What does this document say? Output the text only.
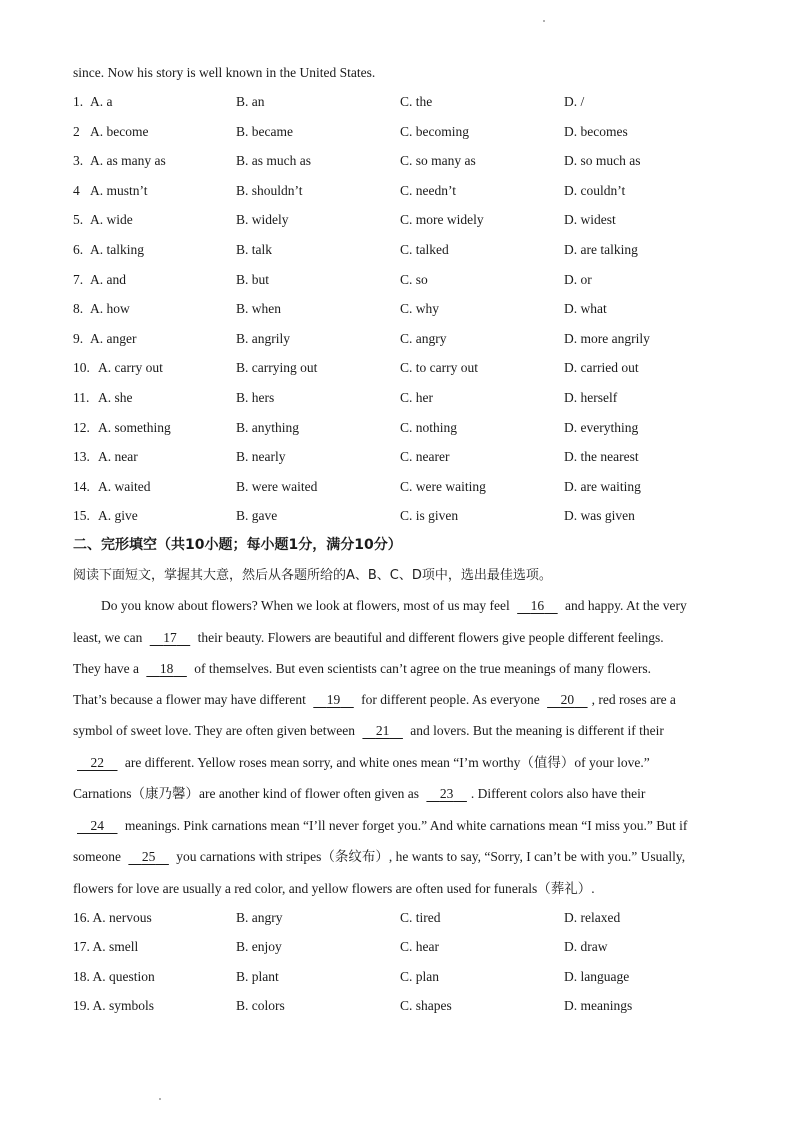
since. Now his story is well known in the United States.
1. A. a	B. an	C. the	D. /
2 A. become	B. became	C. becoming	D. becomes
3. A. as many as	B. as much as	C. so many as	D. so much as
4 A. mustn’t	B. shouldn’t	C. needn’t	D. couldn’t
5. A. wide	B. widely	C. more widely	D. widest
6. A. talking	B. talk	C. talked	D. are talking
7. A. and	B. but	C. so	D. or
8. A. how	B. when	C. why	D. what
9. A. anger	B. angrily	C. angry	D. more angrily
10. A. carry out	B. carrying out	C. to carry out	D. carried out
11. A. she	B. hers	C. her	D. herself
12. A. something	B. anything	C. nothing	D. everything
13. A. near	B. nearly	C. nearer	D. the nearest
14. A. waited	B. were waited	C. were waiting	D. are waiting
15. A. give	B. gave	C. is given	D. was given
二、完形填空（共10小题；每小题1分，满分10分）
阅读下面短文，掌握其大意，然后从各题所给的A、B、C、D项中，选出最佳选项。
Do you know about flowers? When we look at flowers, most of us may feel     16     and happy. At the very
least, we can     17     their beauty. Flowers are beautiful and different flowers give people different feelings.
They have a     18     of themselves. But even scientists can’t agree on the true meanings of many flowers.
That’s because a flower may have different     19     for different people. As everyone     20 , red roses are a
symbol of sweet love. They are often given between     21     and lovers. But the meaning is different if their
22     are different. Yellow roses mean sorry, and white ones mean “I’m worthy（值得）of your love.”
Carnations（康乃馨）are another kind of flower often given as     23 . Different colors also have their
24     meanings. Pink carnations mean “I’ll never forget you.” And white carnations mean “I miss you.” But if
someone     25     you carnations with stripes（条纹布）, he wants to say, “Sorry, I can’t be with you.” Usually,
flowers for love are usually a red color, and yellow flowers are often used for funerals（葬礼）.
16. A. nervous	B. angry	C. tired	D. relaxed
17. A. smell	B. enjoy	C. hear	D. draw
18. A. question	B. plant	C. plan	D. language
19. A. symbols	B. colors	C. shapes	D. meanings
